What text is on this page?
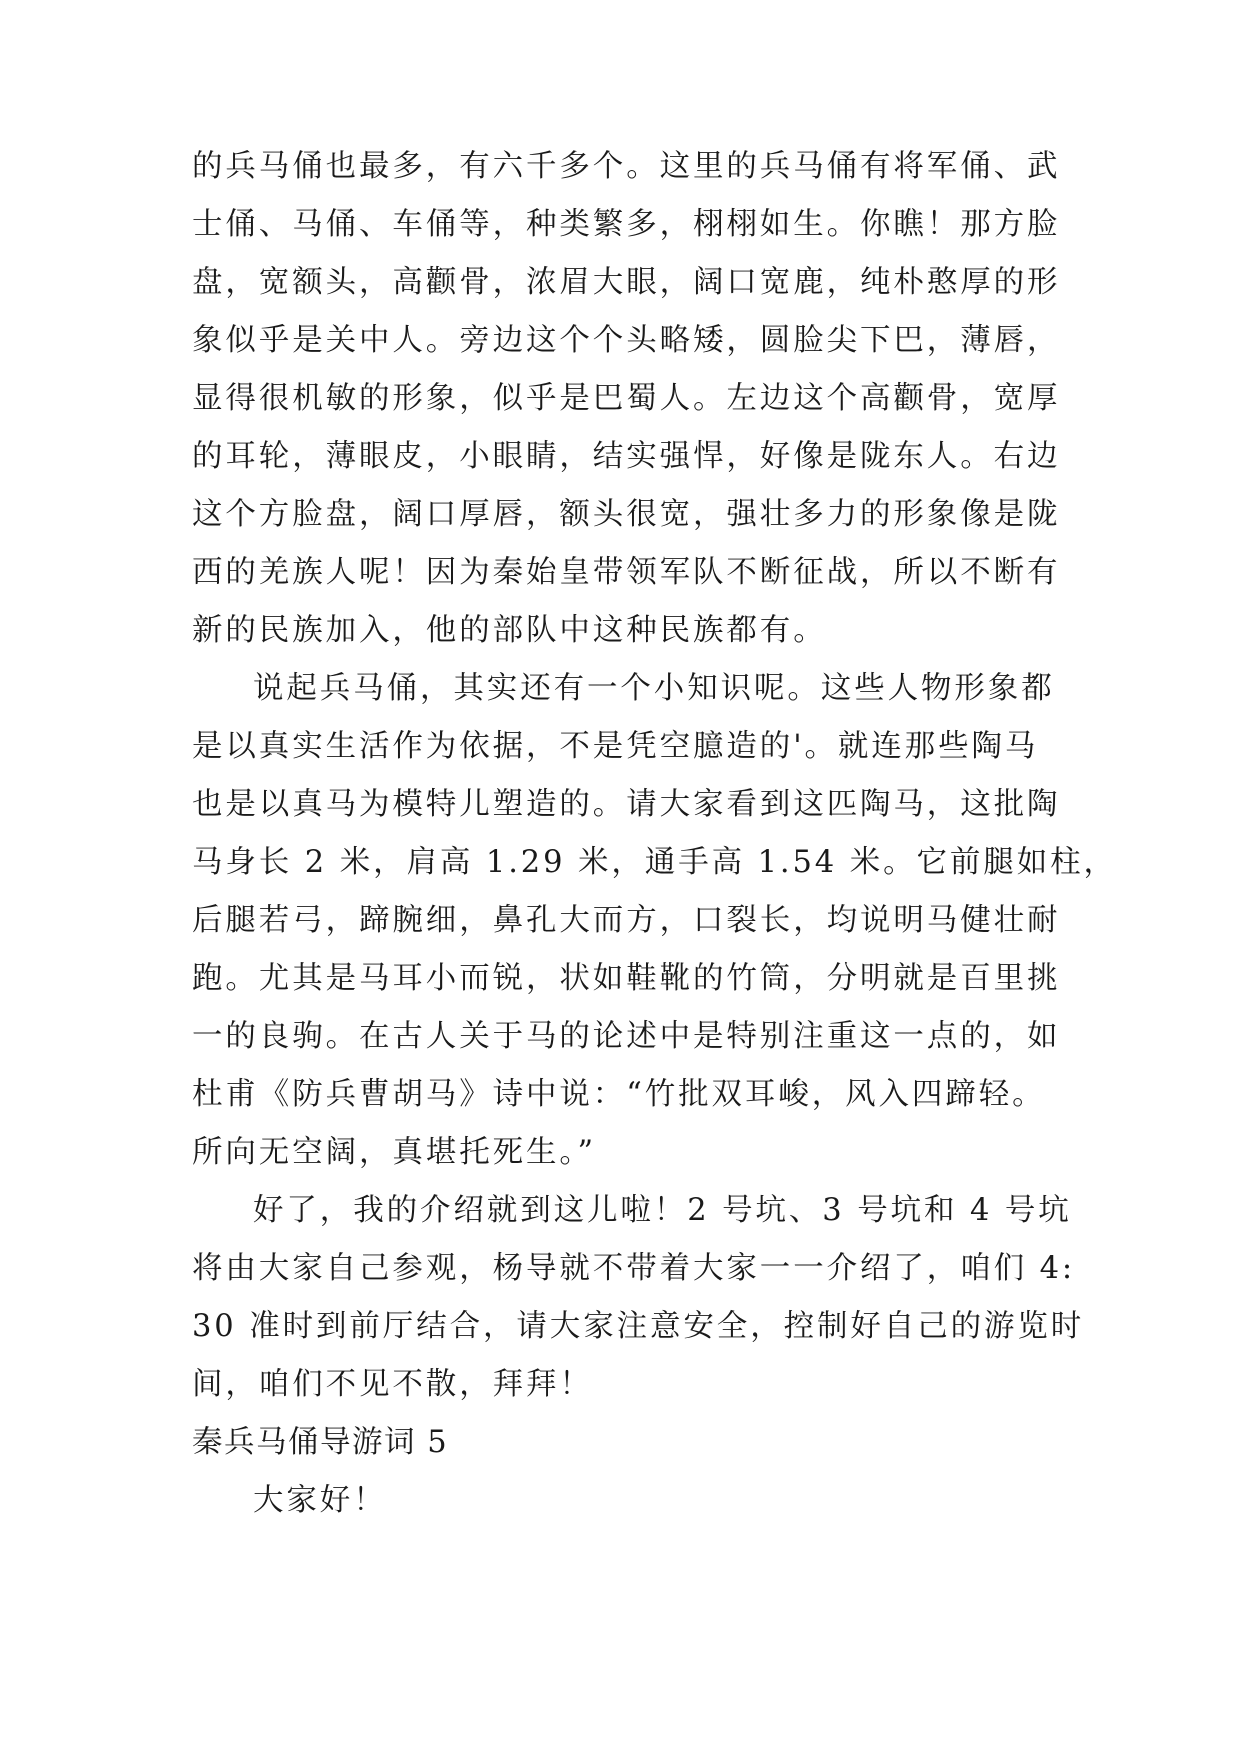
的兵马俑也最多，有六千多个。这里的兵马俑有将军俑、武
士俑、马俑、车俑等，种类繁多，栩栩如生。你瞧！那方脸
盘，宽额头，高颧骨，浓眉大眼，阔口宽鹿，纯朴憨厚的形
象似乎是关中人。旁边这个个头略矮，圆脸尖下巴，薄唇，
显得很机敏的形象，似乎是巴蜀人。左边这个高颧骨，宽厚
的耳轮，薄眼皮，小眼睛，结实强悍，好像是陇东人。右边
这个方脸盘，阔口厚唇，额头很宽，强壮多力的形象像是陇
西的羌族人呢！因为秦始皇带领军队不断征战，所以不断有
新的民族加入，他的部队中这种民族都有。
说起兵马俑，其实还有一个小知识呢。这些人物形象都
是以真实生活作为依据，不是凭空臆造的'。就连那些陶马
也是以真马为模特儿塑造的。请大家看到这匹陶马，这批陶
马身长 2 米，肩高 1.29 米，通手高 1.54 米。它前腿如柱，
后腿若弓，蹄腕细，鼻孔大而方，口裂长，均说明马健壮耐
跑。尤其是马耳小而锐，状如鞋靴的竹筒，分明就是百里挑
一的良驹。在古人关于马的论述中是特别注重这一点的，如
杜甫《防兵曹胡马》诗中说：“竹批双耳峻，风入四蹄轻。
所向无空阔，真堪托死生。”
好了，我的介绍就到这儿啦！2 号坑、3 号坑和 4 号坑
将由大家自己参观，杨导就不带着大家一一介绍了，咱们 4:
30 准时到前厅结合，请大家注意安全，控制好自己的游览时
间，咱们不见不散，拜拜！
秦兵马俑导游词 5
大家好！
